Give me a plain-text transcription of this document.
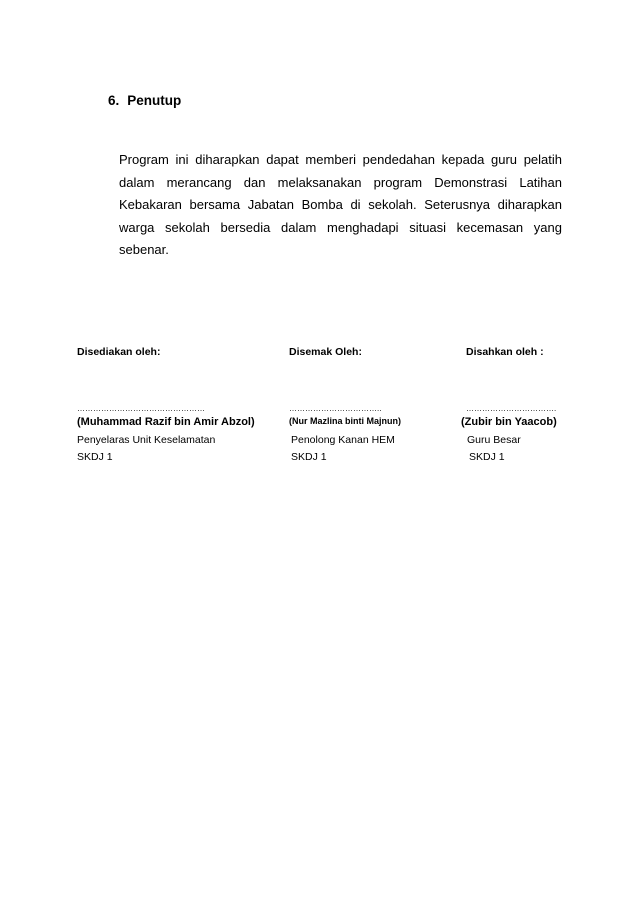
6. Penutup

Program ini diharapkan dapat memberi pendedahan kepada guru pelatih dalam merancang dan melaksanakan program Demonstrasi Latihan Kebakaran bersama Jabatan Bomba di sekolah. Seterusnya diharapkan warga sekolah bersedia dalam menghadapi situasi kecemasan yang sebenar.

Disediakan oleh:
…………………………………………
(Muhammad Razif bin Amir Abzol)
Penyelaras Unit Keselamatan
SKDJ 1
Disemak Oleh:
……………………………..
(Nur Mazlina binti Majnun)
Penolong Kanan HEM
SKDJ 1
Disahkan oleh :
…………………………….
(Zubir bin Yaacob)
Guru Besar
SKDJ 1
